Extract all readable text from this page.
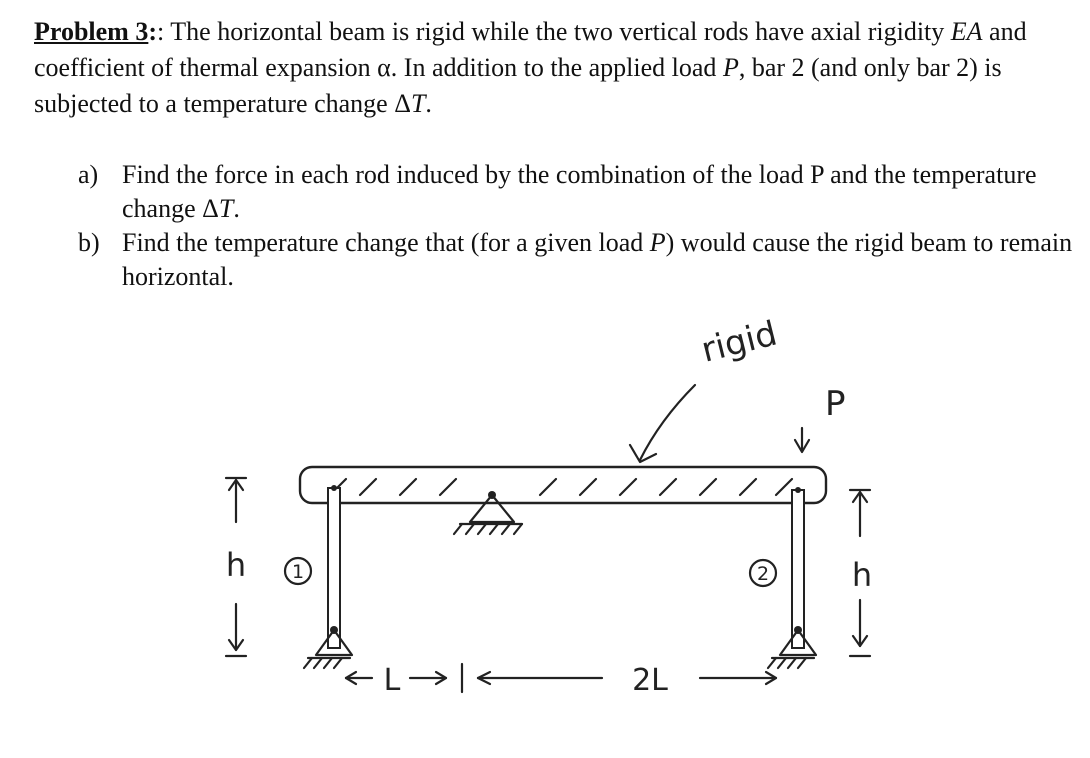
Problem 3:: The horizontal beam is rigid while the two vertical rods have axial rigidity EA and coefficient of thermal expansion α. In addition to the applied load P, bar 2 (and only bar 2) is subjected to a temperature change ΔT.
a) Find the force in each rod induced by the combination of the load P and the temperature change ΔT.
b) Find the temperature change that (for a given load P) would cause the rigid beam to remain horizontal.
rigid
P
1	2
h	h
L	2L
